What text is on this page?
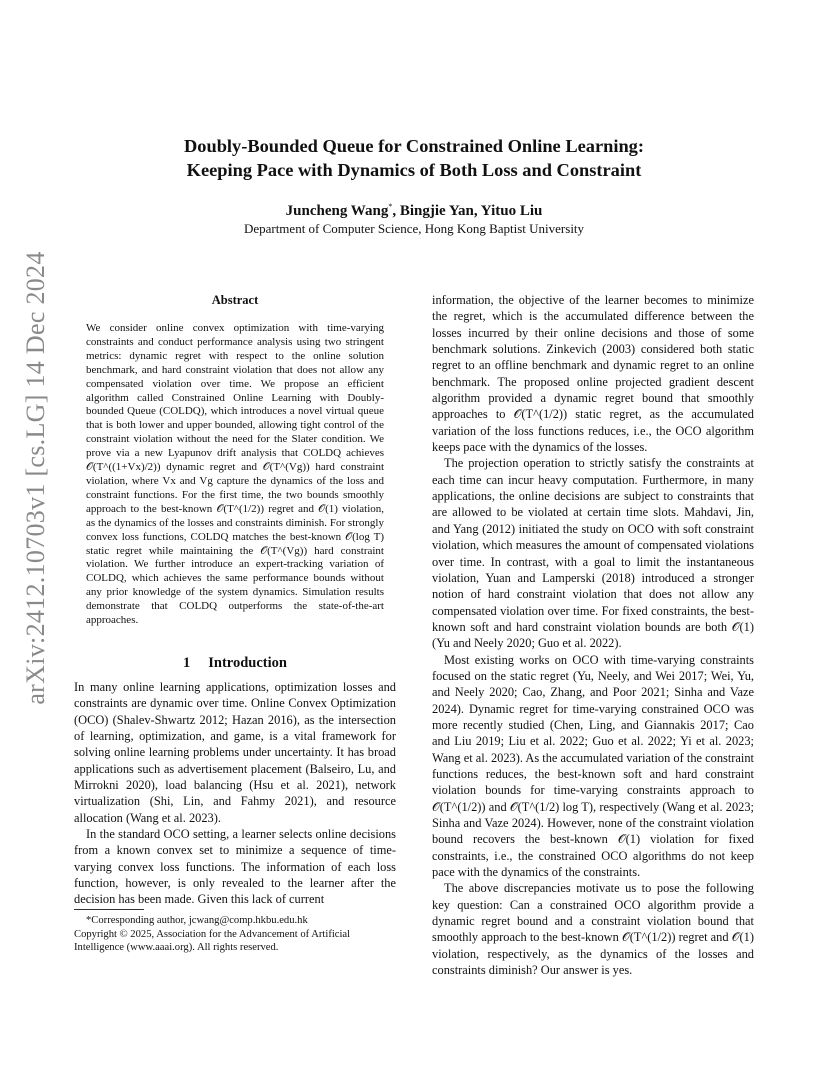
arXiv:2412.10703v1 [cs.LG] 14 Dec 2024
Doubly-Bounded Queue for Constrained Online Learning:
Keeping Pace with Dynamics of Both Loss and Constraint

Juncheng Wang*, Bingjie Yan, Yituo Liu

Department of Computer Science, Hong Kong Baptist University

Abstract

We consider online convex optimization with time-varying constraints and conduct performance analysis using two stringent metrics: dynamic regret with respect to the online solution benchmark, and hard constraint violation that does not allow any compensated violation over time. We propose an efficient algorithm called Constrained Online Learning with Doubly-bounded Queue (COLDQ), which introduces a novel virtual queue that is both lower and upper bounded, allowing tight control of the constraint violation without the need for the Slater condition. We prove via a new Lyapunov drift analysis that COLDQ achieves 𝒪(T^((1+Vx)/2)) dynamic regret and 𝒪(T^(Vg)) hard constraint violation, where Vx and Vg capture the dynamics of the loss and constraint functions. For the first time, the two bounds smoothly approach to the best-known 𝒪(T^(1/2)) regret and 𝒪(1) violation, as the dynamics of the losses and constraints diminish. For strongly convex loss functions, COLDQ matches the best-known 𝒪(log T) static regret while maintaining the 𝒪(T^(Vg)) hard constraint violation. We further introduce an expert-tracking variation of COLDQ, which achieves the same performance bounds without any prior knowledge of the system dynamics. Simulation results demonstrate that COLDQ outperforms the state-of-the-art approaches.

1 Introduction

In many online learning applications, optimization losses and constraints are dynamic over time. Online Convex Optimization (OCO) (Shalev-Shwartz 2012; Hazan 2016), as the intersection of learning, optimization, and game, is a vital framework for solving online learning problems under uncertainty. It has broad applications such as advertisement placement (Balseiro, Lu, and Mirrokni 2020), load balancing (Hsu et al. 2021), network virtualization (Shi, Lin, and Fahmy 2021), and resource allocation (Wang et al. 2023).

In the standard OCO setting, a learner selects online decisions from a known convex set to minimize a sequence of time-varying convex loss functions. The information of each loss function, however, is only revealed to the learner after the decision has been made. Given this lack of current

*Corresponding author, jcwang@comp.hkbu.edu.hk

Copyright © 2025, Association for the Advancement of Artificial Intelligence (www.aaai.org). All rights reserved.

information, the objective of the learner becomes to minimize the regret, which is the accumulated difference between the losses incurred by their online decisions and those of some benchmark solutions. Zinkevich (2003) considered both static regret to an offline benchmark and dynamic regret to an online benchmark. The proposed online projected gradient descent algorithm provided a dynamic regret bound that smoothly approaches to 𝒪(T^(1/2)) static regret, as the accumulated variation of the loss functions reduces, i.e., the OCO algorithm keeps pace with the dynamics of the losses.

The projection operation to strictly satisfy the constraints at each time can incur heavy computation. Furthermore, in many applications, the online decisions are subject to constraints that are allowed to be violated at certain time slots. Mahdavi, Jin, and Yang (2012) initiated the study on OCO with soft constraint violation, which measures the amount of compensated violations over time. In contrast, with a goal to limit the instantaneous violation, Yuan and Lamperski (2018) introduced a stronger notion of hard constraint violation that does not allow any compensated violation over time. For fixed constraints, the best-known soft and hard constraint violation bounds are both 𝒪(1) (Yu and Neely 2020; Guo et al. 2022).

Most existing works on OCO with time-varying constraints focused on the static regret (Yu, Neely, and Wei 2017; Wei, Yu, and Neely 2020; Cao, Zhang, and Poor 2021; Sinha and Vaze 2024). Dynamic regret for time-varying constrained OCO was more recently studied (Chen, Ling, and Giannakis 2017; Cao and Liu 2019; Liu et al. 2022; Guo et al. 2022; Yi et al. 2023; Wang et al. 2023). As the accumulated variation of the constraint functions reduces, the best-known soft and hard constraint violation bounds for time-varying constraints approach to 𝒪(T^(1/2)) and 𝒪(T^(1/2) log T), respectively (Wang et al. 2023; Sinha and Vaze 2024). However, none of the constraint violation bound recovers the best-known 𝒪(1) violation for fixed constraints, i.e., the constrained OCO algorithms do not keep pace with the dynamics of the constraints.

The above discrepancies motivate us to pose the following key question: Can a constrained OCO algorithm provide a dynamic regret bound and a constraint violation bound that smoothly approach to the best-known 𝒪(T^(1/2)) regret and 𝒪(1) violation, respectively, as the dynamics of the losses and constraints diminish? Our answer is yes.
